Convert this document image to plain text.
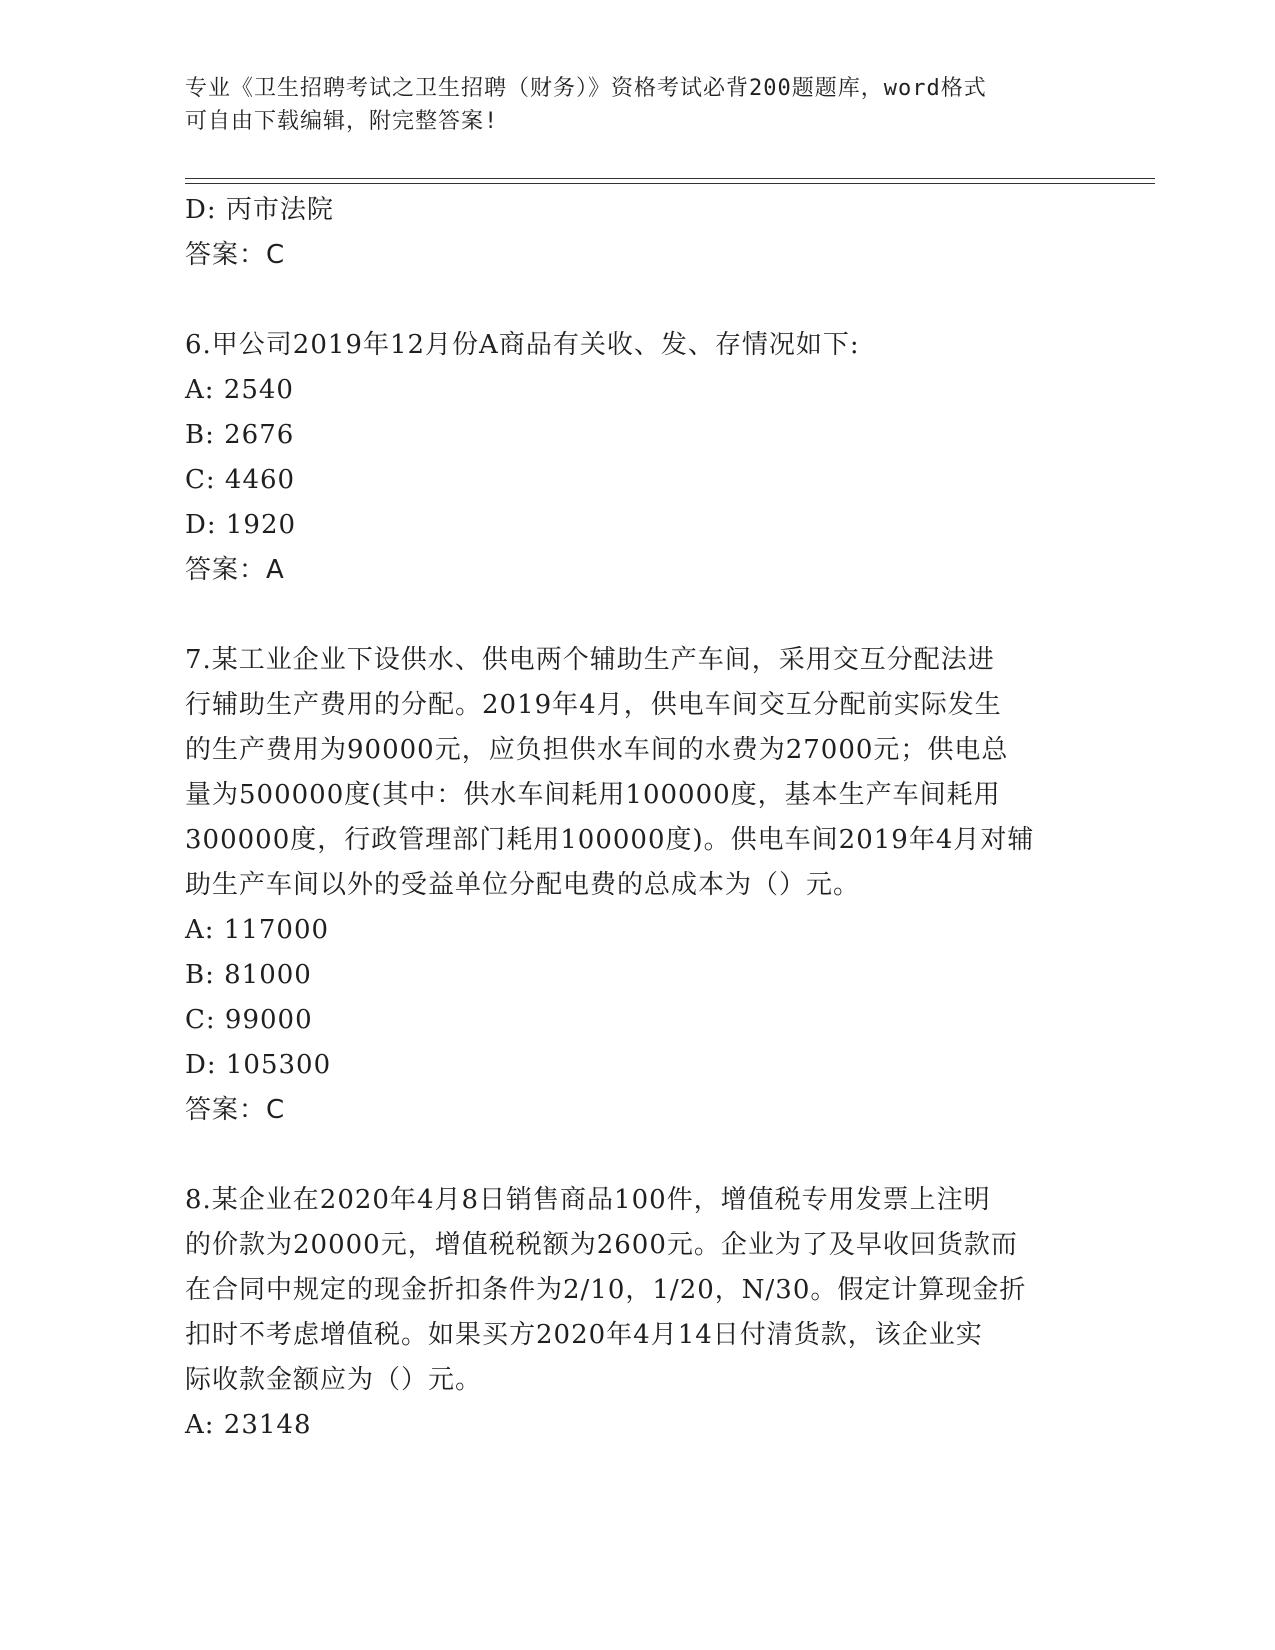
专业《卫生招聘考试之卫生招聘（财务）》资格考试必背200题题库，word格式
可自由下载编辑，附完整答案!
D: 丙市法院
答案：C
6.甲公司2019年12月份A商品有关收、发、存情况如下:
A: 2540
B: 2676
C: 4460
D: 1920
答案：A
7.某工业企业下设供水、供电两个辅助生产车间，采用交互分配法进
行辅助生产费用的分配。2019年4月，供电车间交互分配前实际发生
的生产费用为90000元，应负担供水车间的水费为27000元；供电总
量为500000度(其中：供水车间耗用100000度，基本生产车间耗用
300000度，行政管理部门耗用100000度)。供电车间2019年4月对辅
助生产车间以外的受益单位分配电费的总成本为（）元。
A: 117000
B: 81000
C: 99000
D: 105300
答案：C
8.某企业在2020年4月8日销售商品100件，增值税专用发票上注明
的价款为20000元，增值税税额为2600元。企业为了及早收回货款而
在合同中规定的现金折扣条件为2/10，1/20，N/30。假定计算现金折
扣时不考虑增值税。如果买方2020年4月14日付清货款，该企业实
际收款金额应为（）元。
A: 23148
